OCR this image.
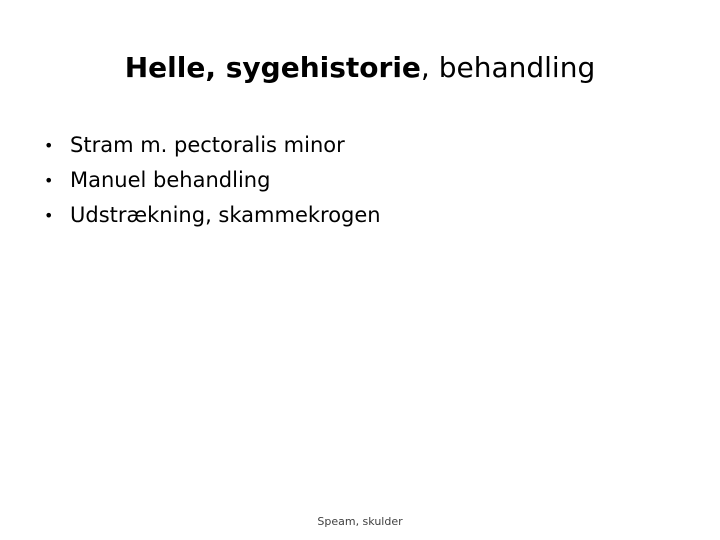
Helle, sygehistorie, behandling
• Stram m. pectoralis minor
• Manuel behandling
• Udstrækning, skammekrogen
Speam, skulder
